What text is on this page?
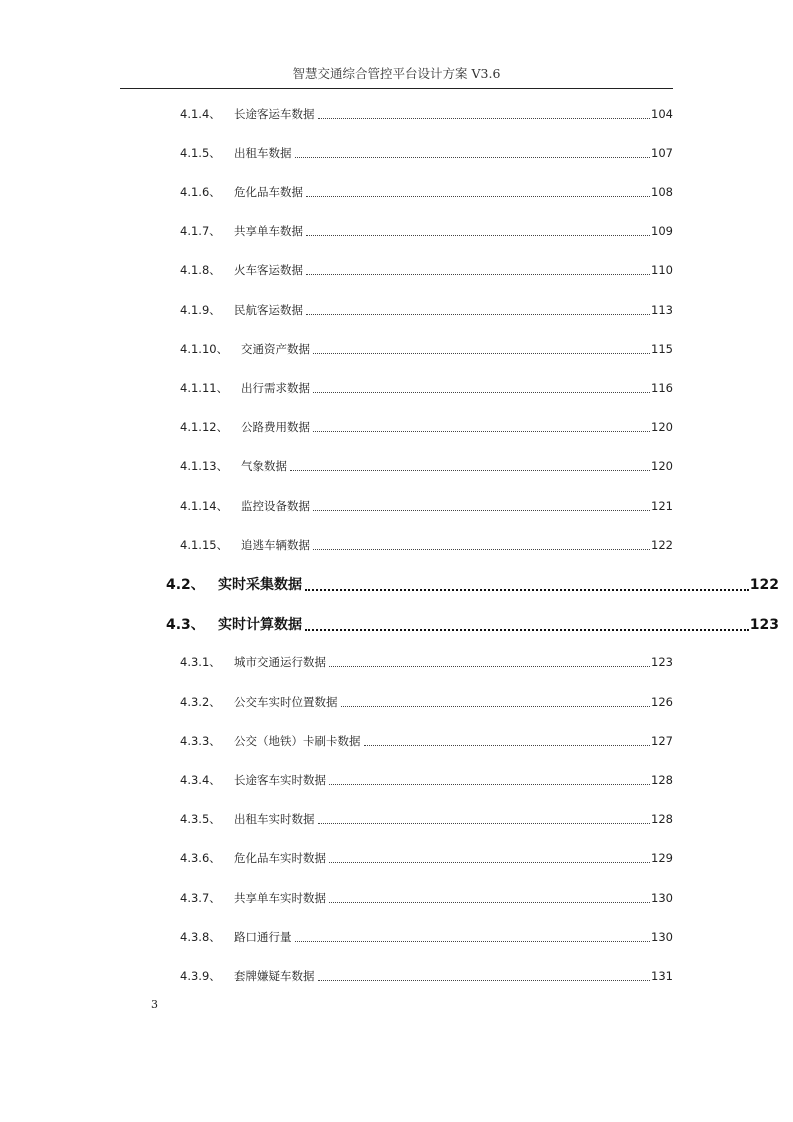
智慧交通综合管控平台设计方案 V3.6
4.1.4、	长途客运车数据	104
4.1.5、	出租车数据	107
4.1.6、	危化品车数据	108
4.1.7、	共享单车数据	109
4.1.8、	火车客运数据	110
4.1.9、	民航客运数据	113
4.1.10、	交通资产数据	115
4.1.11、	出行需求数据	116
4.1.12、	公路费用数据	120
4.1.13、	气象数据	120
4.1.14、	监控设备数据	121
4.1.15、	追逃车辆数据	122
4.2、 实时采集数据	122
4.3、 实时计算数据	123
4.3.1、	城市交通运行数据	123
4.3.2、	公交车实时位置数据	126
4.3.3、	公交（地铁）卡刷卡数据	127
4.3.4、	长途客车实时数据	128
4.3.5、	出租车实时数据	128
4.3.6、	危化品车实时数据	129
4.3.7、	共享单车实时数据	130
4.3.8、	路口通行量	130
4.3.9、	套牌嫌疑车数据	131
3
